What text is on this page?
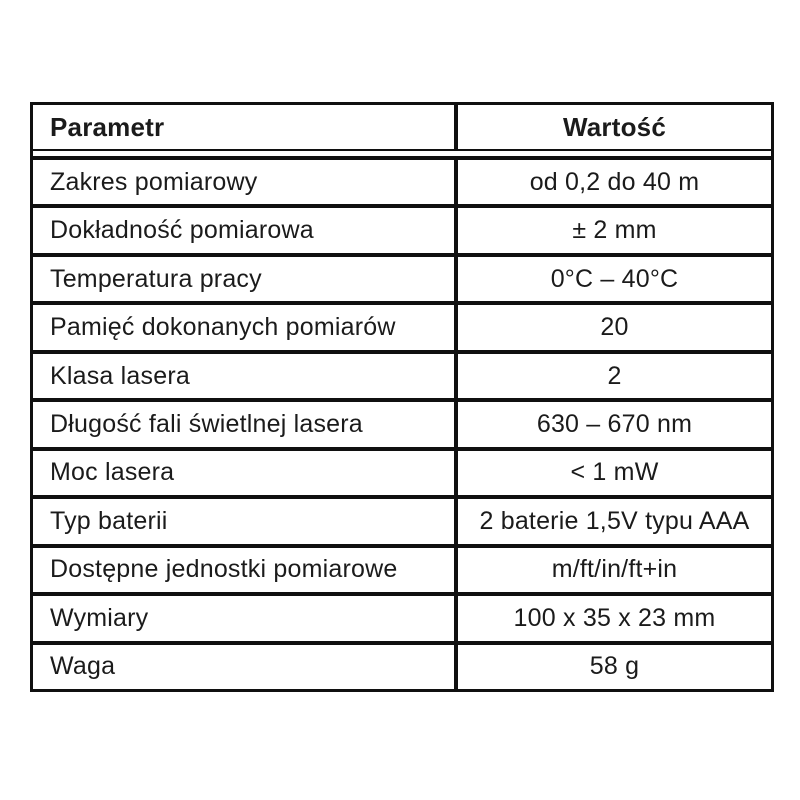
Parametr	Wartość
Zakres pomiarowy	od 0,2 do 40 m
Dokładność pomiarowa	± 2 mm
Temperatura pracy	0°C – 40°C
Pamięć dokonanych pomiarów	20
Klasa lasera	2
Długość fali świetlnej lasera	630 – 670 nm
Moc lasera	< 1 mW
Typ baterii	2 baterie 1,5V typu AAA
Dostępne jednostki pomiarowe	m/ft/in/ft+in
Wymiary	100 x 35 x 23 mm
Waga	58 g
